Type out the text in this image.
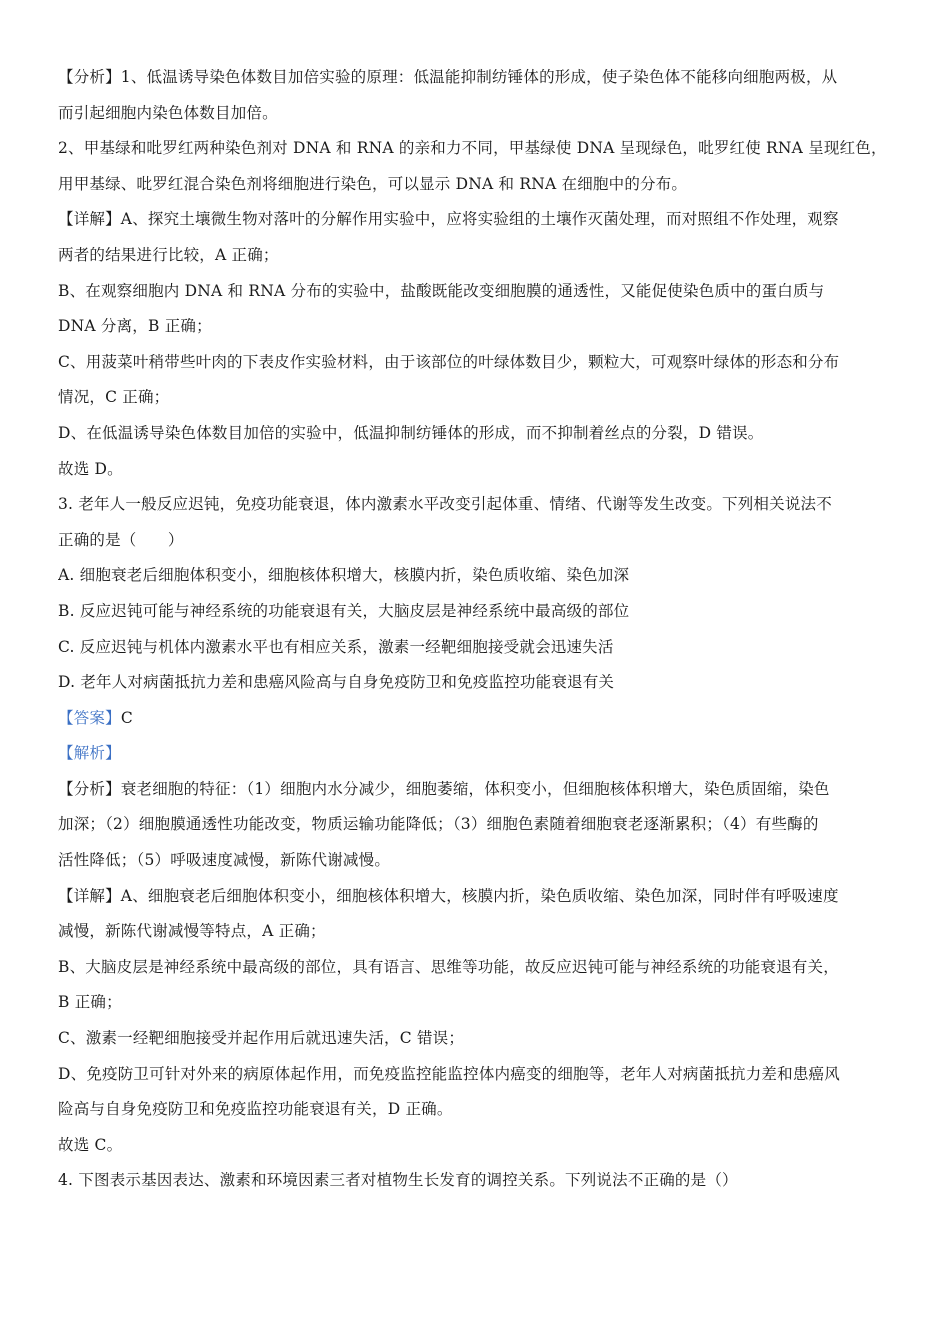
【分析】1、低温诱导染色体数目加倍实验的原理：低温能抑制纺锤体的形成，使子染色体不能移向细胞两极，从
而引起细胞内染色体数目加倍。
2、甲基绿和吡罗红两种染色剂对 DNA 和 RNA 的亲和力不同，甲基绿使 DNA 呈现绿色，吡罗红使 RNA 呈现红色，
用甲基绿、吡罗红混合染色剂将细胞进行染色，可以显示 DNA 和 RNA 在细胞中的分布。
【详解】A、探究土壤微生物对落叶的分解作用实验中，应将实验组的土壤作灭菌处理，而对照组不作处理，观察
两者的结果进行比较，A 正确；
B、在观察细胞内 DNA 和 RNA 分布的实验中，盐酸既能改变细胞膜的通透性，又能促使染色质中的蛋白质与
DNA 分离，B 正确；
C、用菠菜叶稍带些叶肉的下表皮作实验材料，由于该部位的叶绿体数目少，颗粒大，可观察叶绿体的形态和分布
情况，C 正确；
D、在低温诱导染色体数目加倍的实验中，低温抑制纺锤体的形成，而不抑制着丝点的分裂，D 错误。
故选 D。
3. 老年人一般反应迟钝，免疫功能衰退，体内激素水平改变引起体重、情绪、代谢等发生改变。下列相关说法不
正确的是（　　）
A. 细胞衰老后细胞体积变小，细胞核体积增大，核膜内折，染色质收缩、染色加深
B. 反应迟钝可能与神经系统的功能衰退有关，大脑皮层是神经系统中最高级的部位
C. 反应迟钝与机体内激素水平也有相应关系，激素一经靶细胞接受就会迅速失活
D. 老年人对病菌抵抗力差和患癌风险高与自身免疫防卫和免疫监控功能衰退有关
【答案】C
【解析】
【分析】衰老细胞的特征：（1）细胞内水分减少，细胞萎缩，体积变小，但细胞核体积增大，染色质固缩，染色
加深；（2）细胞膜通透性功能改变，物质运输功能降低；（3）细胞色素随着细胞衰老逐渐累积；（4）有些酶的
活性降低；（5）呼吸速度减慢，新陈代谢减慢。
【详解】A、细胞衰老后细胞体积变小，细胞核体积增大，核膜内折，染色质收缩、染色加深，同时伴有呼吸速度
减慢，新陈代谢减慢等特点，A 正确；
B、大脑皮层是神经系统中最高级的部位，具有语言、思维等功能，故反应迟钝可能与神经系统的功能衰退有关，
B 正确；
C、激素一经靶细胞接受并起作用后就迅速失活，C 错误；
D、免疫防卫可针对外来的病原体起作用，而免疫监控能监控体内癌变的细胞等，老年人对病菌抵抗力差和患癌风
险高与自身免疫防卫和免疫监控功能衰退有关，D 正确。
故选 C。
4. 下图表示基因表达、激素和环境因素三者对植物生长发育的调控关系。下列说法不正确的是（）
